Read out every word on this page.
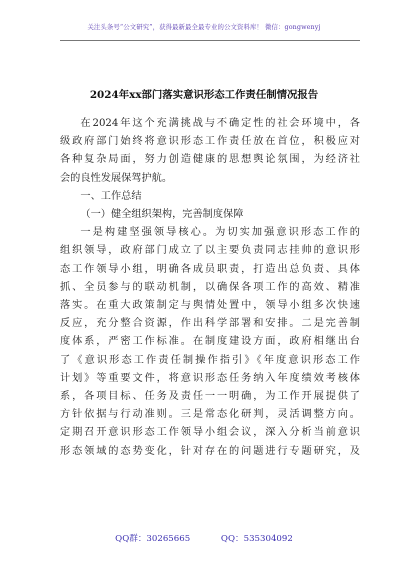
关注头条号“公文研究”，获得最新最全最专业的公文资料库！ 微信：gongwenyj
2024年xx部门落实意识形态工作责任制情况报告

在2024年这个充满挑战与不确定性的社会环境中，各
级政府部门始终将意识形态工作责任放在首位，积极应对
各种复杂局面，努力创造健康的思想舆论氛围，为经济社
会的良性发展保驾护航。

一、工作总结

（一）健全组织架构，完善制度保障

一是构建坚强领导核心。为切实加强意识形态工作的
组织领导，政府部门成立了以主要负责同志挂帅的意识形
态工作领导小组，明确各成员职责，打造出总负责、具体
抓、全员参与的联动机制，以确保各项工作的高效、精准
落实。在重大政策制定与舆情处置中，领导小组多次快速
反应，充分整合资源，作出科学部署和安排。二是完善制
度体系，严密工作标准。在制度建设方面，政府相继出台
了《意识形态工作责任制操作指引》《年度意识形态工作
计划》等重要文件，将意识形态任务纳入年度绩效考核体
系，各项目标、任务及责任一一明确，为工作开展提供了
方针依据与行动准则。三是常态化研判，灵活调整方向。
定期召开意识形态工作领导小组会议，深入分析当前意识
形态领域的态势变化，针对存在的问题进行专题研究，及

QQ群：30265665	QQ：535304092
